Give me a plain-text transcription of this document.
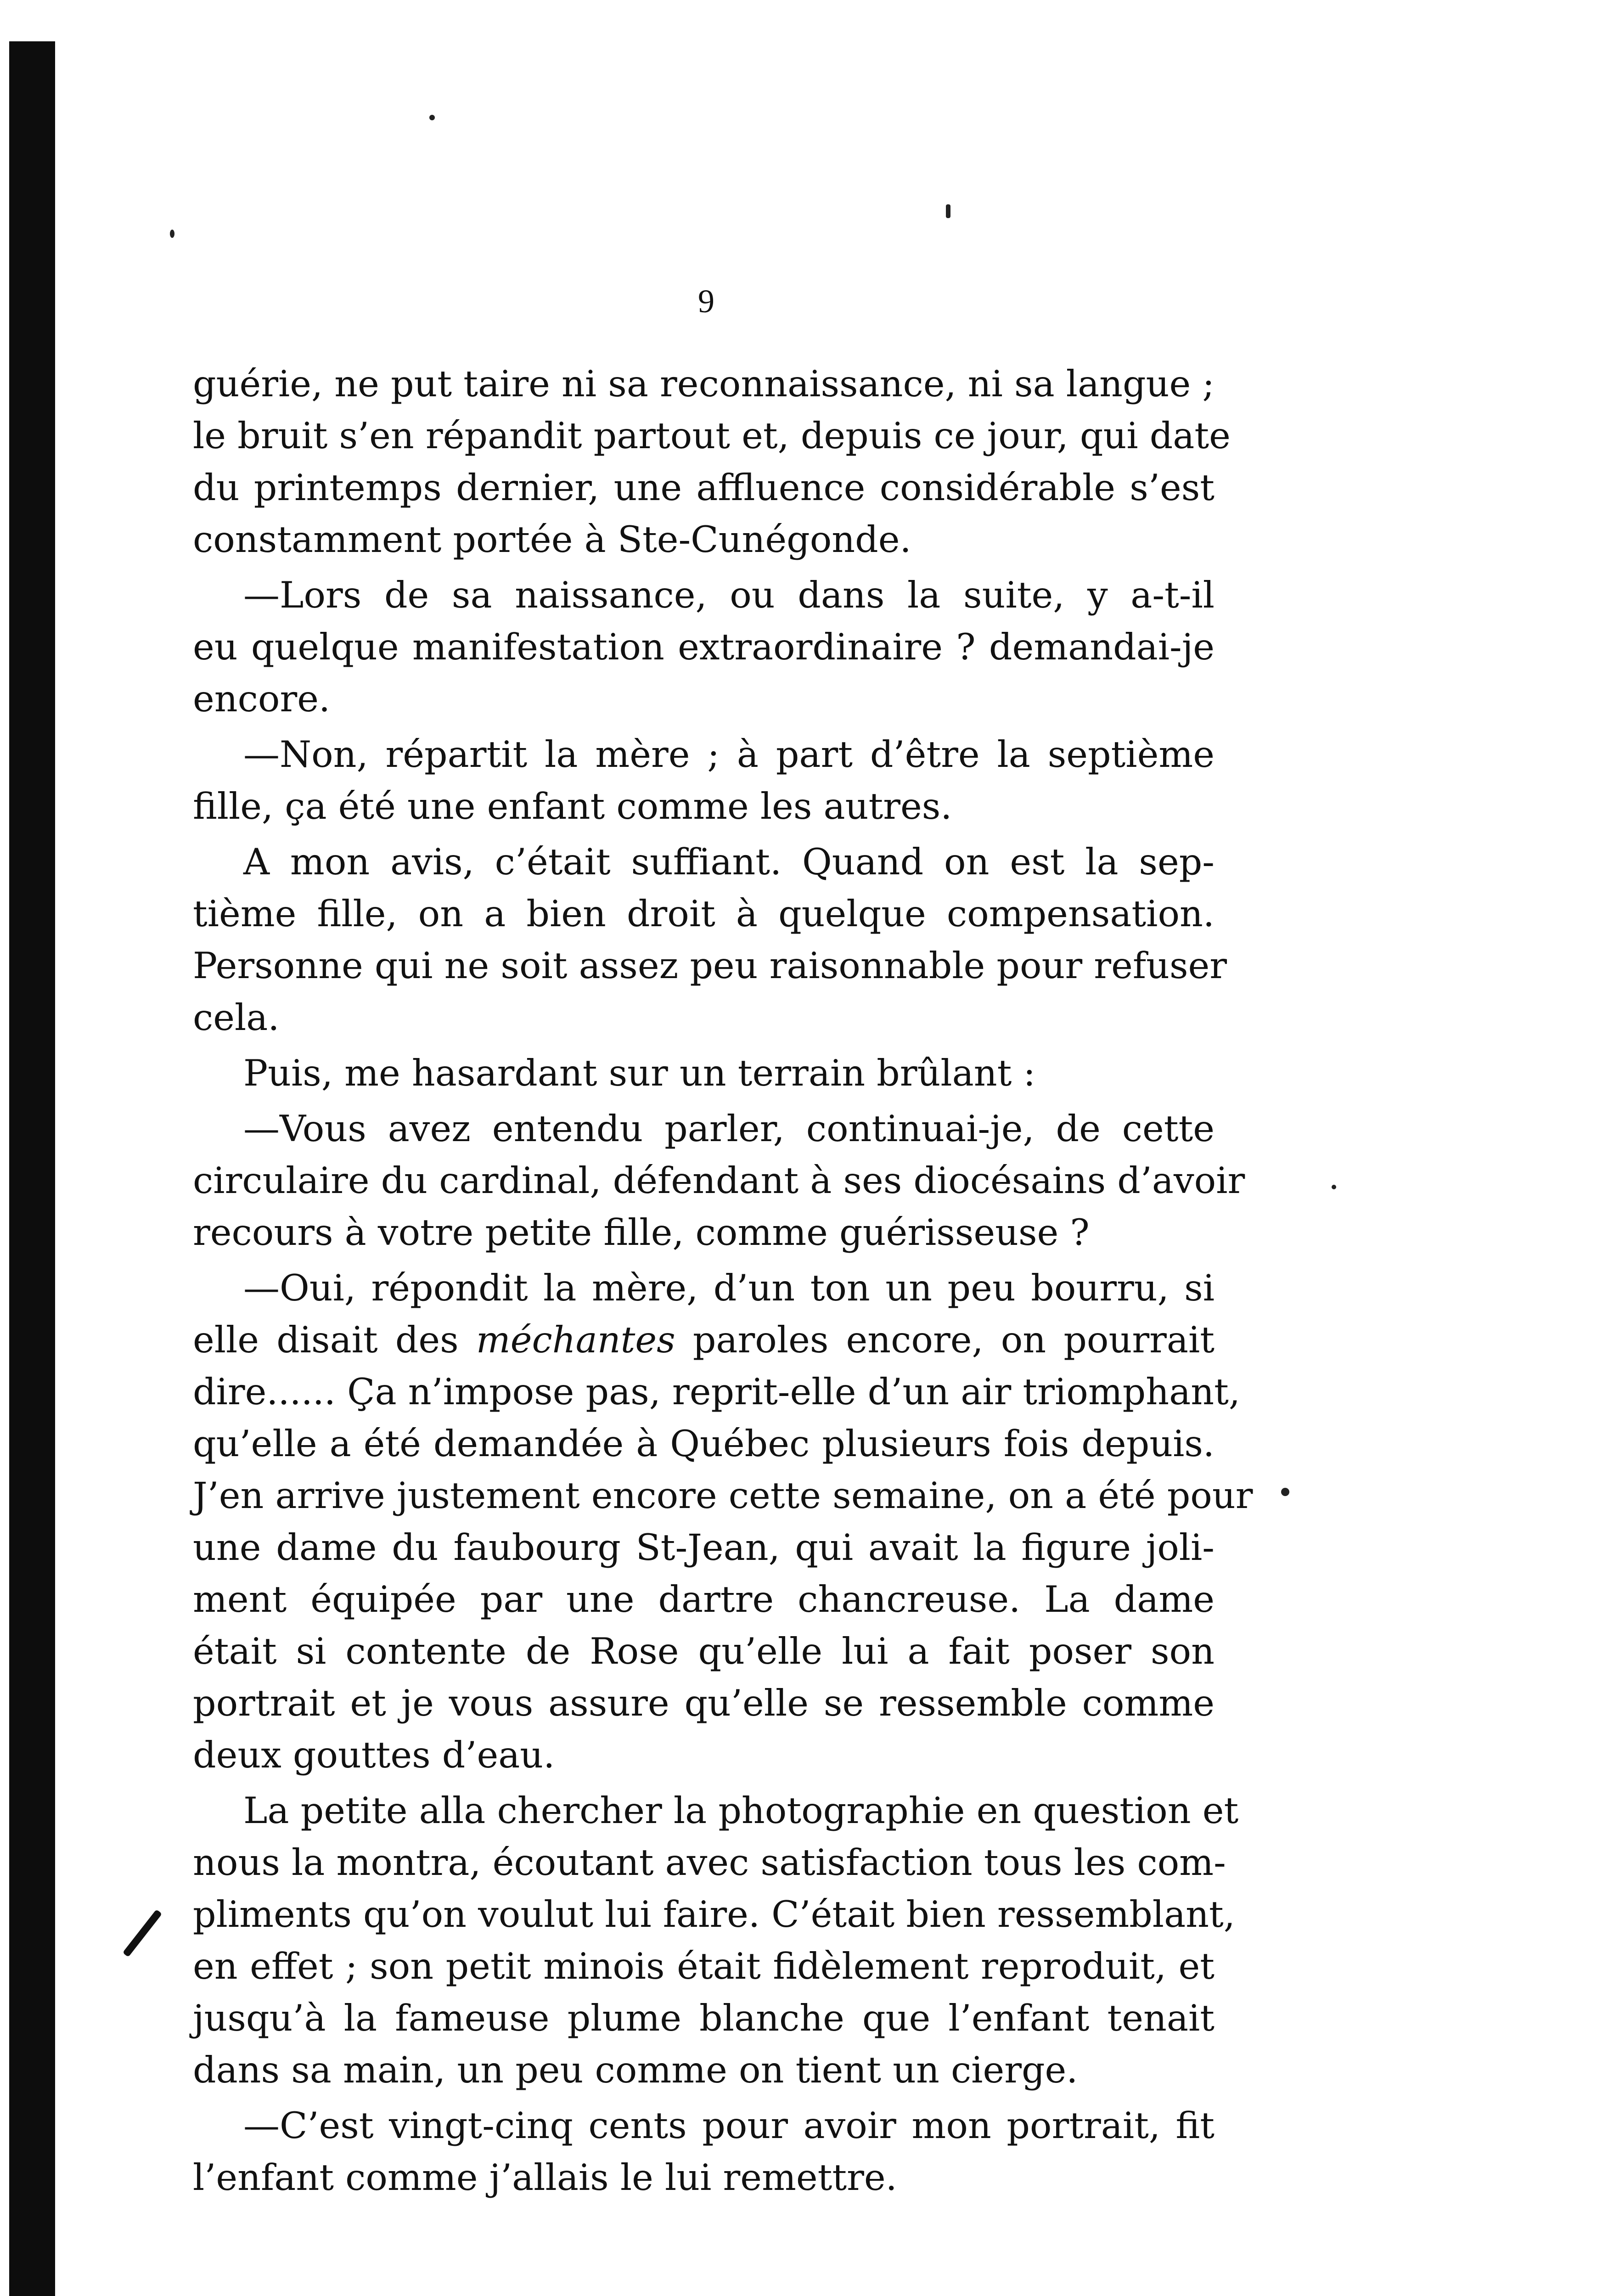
9
guérie, ne put taire ni sa reconnaissance, ni sa langue ;
le bruit s’en répandit partout et, depuis ce jour, qui date
du printemps dernier, une affluence considérable s’est
constamment portée à Ste-Cunégonde.
—Lors de sa naissance, ou dans la suite, y a-t-il
eu quelque manifestation extraordinaire ? demandai-je
encore.
—Non, répartit la mère ; à part d’être la septième
fille, ça été une enfant comme les autres.
A mon avis, c’était suffiant. Quand on est la sep-
tième fille, on a bien droit à quelque compensation.
Personne qui ne soit assez peu raisonnable pour refuser
cela.
Puis, me hasardant sur un terrain brûlant :
—Vous avez entendu parler, continuai-je, de cette
circulaire du cardinal, défendant à ses diocésains d’avoir
recours à votre petite fille, comme guérisseuse ?
—Oui, répondit la mère, d’un ton un peu bourru, si
elle disait des méchantes paroles encore, on pourrait
dire...... Ça n’impose pas, reprit-elle d’un air triomphant,
qu’elle a été demandée à Québec plusieurs fois depuis.
J’en arrive justement encore cette semaine, on a été pour
une dame du faubourg St-Jean, qui avait la figure joli-
ment équipée par une dartre chancreuse. La dame
était si contente de Rose qu’elle lui a fait poser son
portrait et je vous assure qu’elle se ressemble comme
deux gouttes d’eau.
La petite alla chercher la photographie en question et
nous la montra, écoutant avec satisfaction tous les com-
pliments qu’on voulut lui faire. C’était bien ressemblant,
en effet ; son petit minois était fidèlement reproduit, et
jusqu’à la fameuse plume blanche que l’enfant tenait
dans sa main, un peu comme on tient un cierge.
—C’est vingt-cinq cents pour avoir mon portrait, fit
l’enfant comme j’allais le lui remettre.
